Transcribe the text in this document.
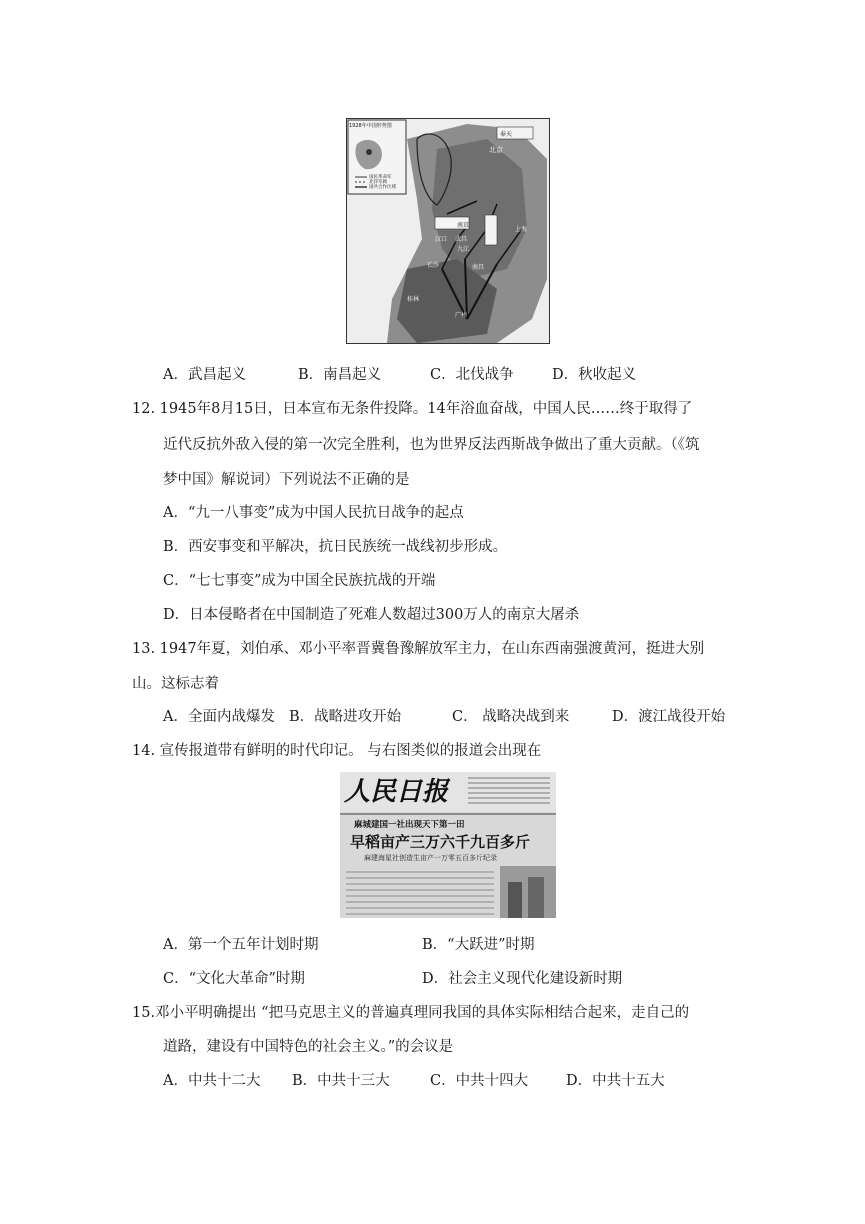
1928年中国形势图
国民革命军
北洋军阀
国共合作区域
奉天
北京
上海
南京
武昌
汉口
九江
长沙	南昌
桂林
广州
A．武昌起义	B．南昌起义	C．北伐战争	D．秋收起义
12. 1945年8月15日，日本宣布无条件投降。14年浴血奋战，中国人民……终于取得了
近代反抗外敌入侵的第一次完全胜利，也为世界反法西斯战争做出了重大贡献。（《筑
梦中国》解说词）下列说法不正确的是
A．“九一八事变”成为中国人民抗日战争的起点
B．西安事变和平解决，抗日民族统一战线初步形成。
C．“七七事变”成为中国全民族抗战的开端
D．日本侵略者在中国制造了死难人数超过300万人的南京大屠杀
13. 1947年夏，刘伯承、邓小平率晋冀鲁豫解放军主力，在山东西南强渡黄河，挺进大别
山。这标志着
A．全面内战爆发 B．战略进攻开始	C． 战略决战到来	D．渡江战役开始
14. 宣传报道带有鲜明的时代印记。 与右图类似的报道会出现在
人民日报
麻城建国一社出现天下第一田
早稻亩产三万六千九百多斤
麻建海星社创造生亩产一万零五百多斤纪录
A．第一个五年计划时期	B．“大跃进”时期
C．“文化大革命”时期	D．社会主义现代化建设新时期
15.邓小平明确提出 “把马克思主义的普遍真理同我国的具体实际相结合起来，走自己的
道路，建设有中国特色的社会主义。”的会议是
A．中共十二大 B．中共十三大	C．中共十四大	D．中共十五大
